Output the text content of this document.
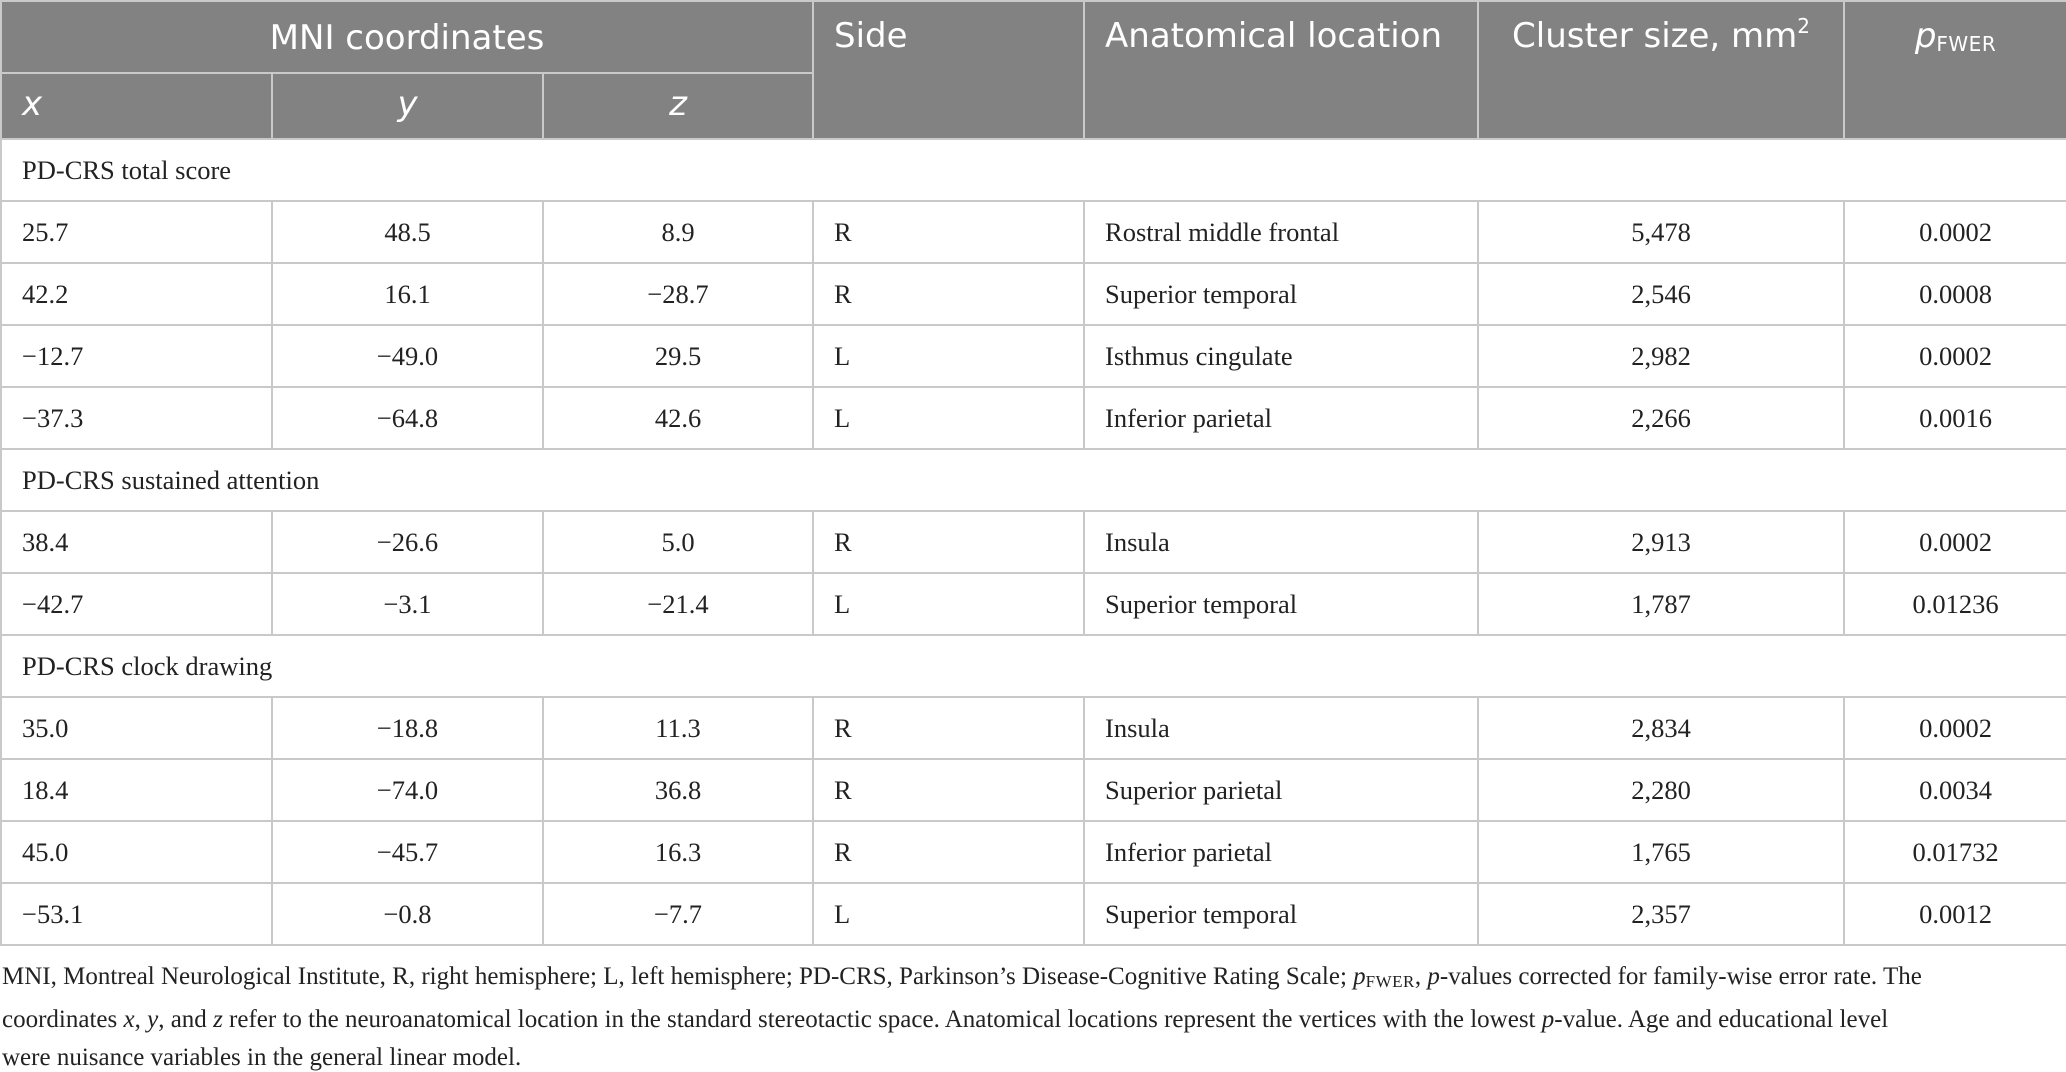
MNI coordinates			Side	Anatomical location	Cluster size, $mm^2$	pFWER
x	y	z				
PD-CRS total score						
25.7	48.5	8.9	R	Rostral middle frontal	5,478	0.0002
42.2	16.1	−28.7	R	Superior temporal	2,546	0.0008
−12.7	−49.0	29.5	L	Isthmus cingulate	2,982	0.0002
−37.3	−64.8	42.6	L	Inferior parietal	2,266	0.0016
PD-CRS sustained attention						
38.4	−26.6	5.0	R	Insula	2,913	0.0002
−42.7	−3.1	−21.4	L	Superior temporal	1,787	0.01236
PD-CRS clock drawing						
35.0	−18.8	11.3	R	Insula	2,834	0.0002
18.4	−74.0	36.8	R	Superior parietal	2,280	0.0034
45.0	−45.7	16.3	R	Inferior parietal	1,765	0.01732
−53.1	−0.8	−7.7	L	Superior temporal	2,357	0.0012
MNI, Montreal Neurological Institute, R, right hemisphere; L, left hemisphere; PD-CRS, Parkinson’s Disease-Cognitive Rating Scale; pFWER, p-values corrected for family-wise error rate. The
coordinates x, y, and z refer to the neuroanatomical location in the standard stereotactic space. Anatomical locations represent the vertices with the lowest p-value. Age and educational level
were nuisance variables in the general linear model.
